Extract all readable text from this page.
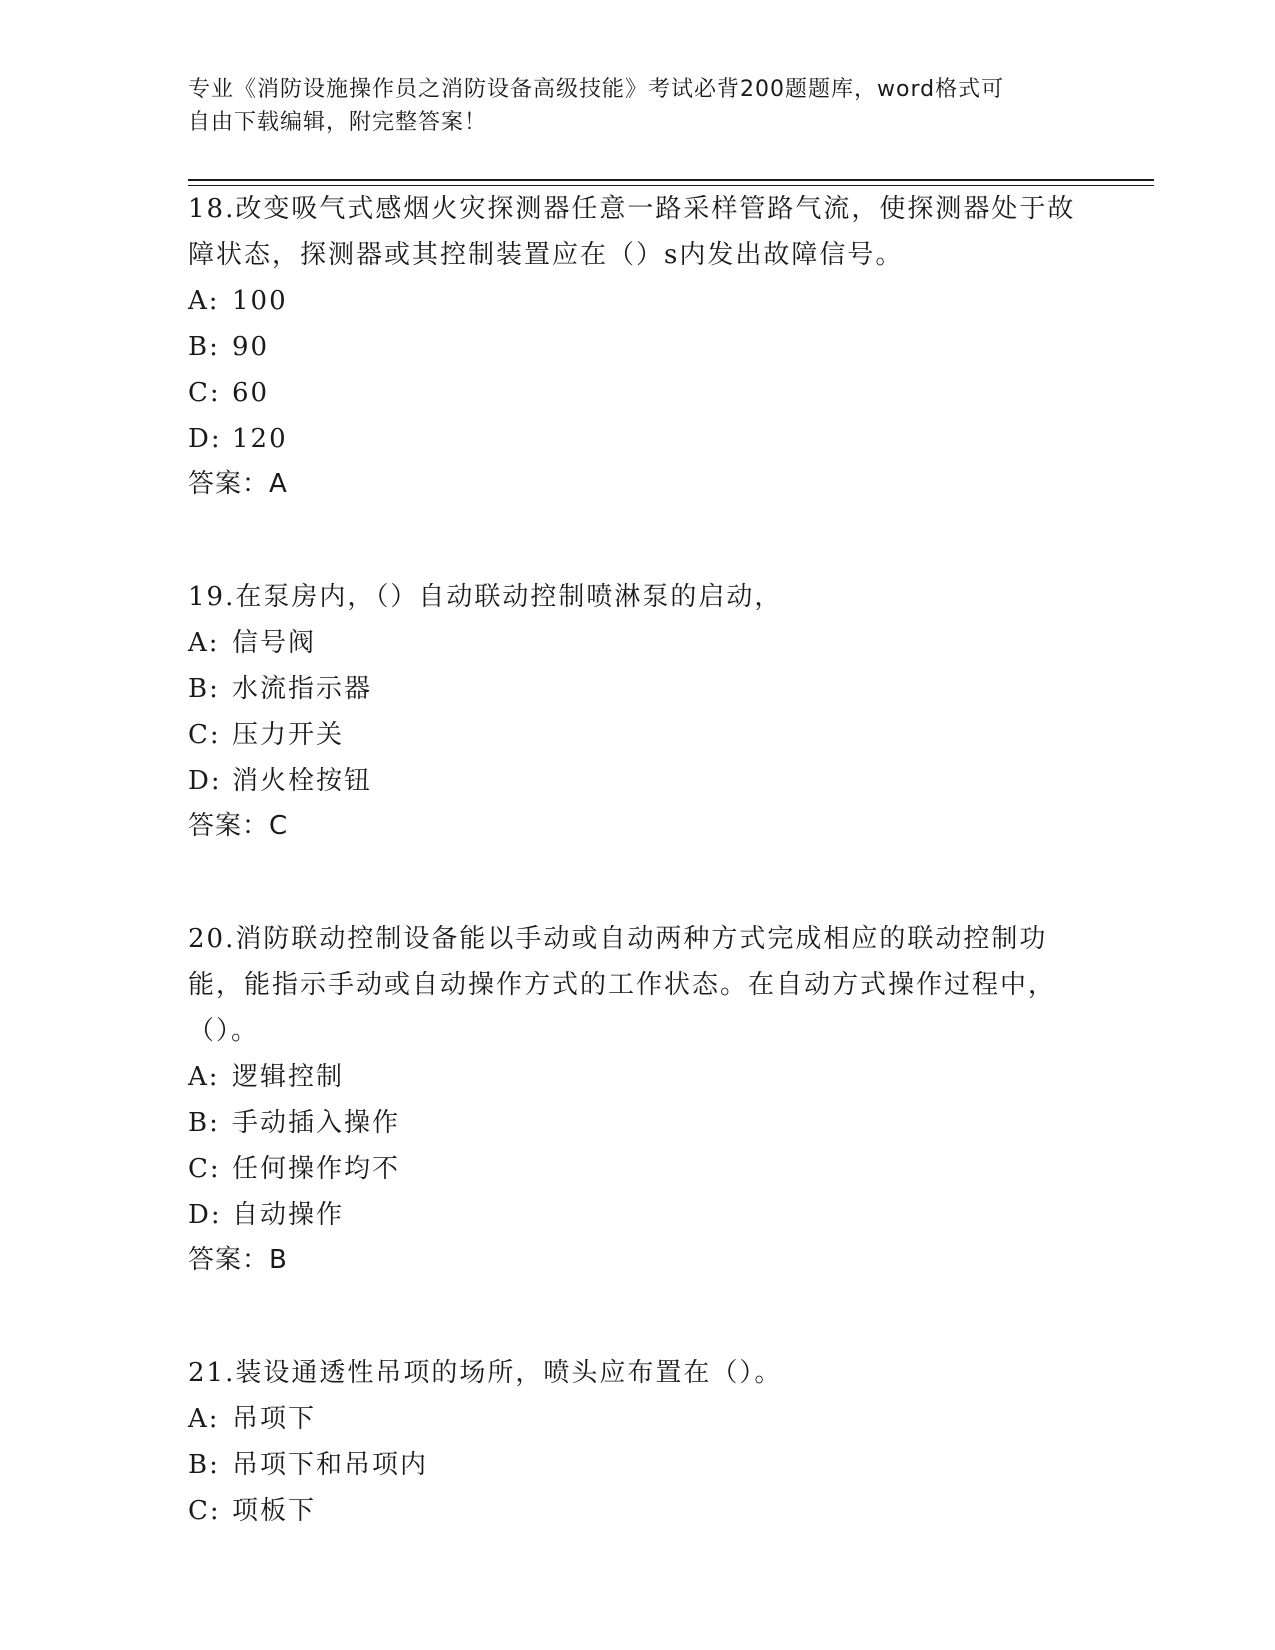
专业《消防设施操作员之消防设备高级技能》考试必背200题题库，word格式可
自由下载编辑，附完整答案！
18.改变吸气式感烟火灾探测器任意一路采样管路气流，使探测器处于故障状态，探测器或其控制装置应在（）s内发出故障信号。
A: 100
B: 90
C: 60
D: 120
答案：A
19.在泵房内，（）自动联动控制喷淋泵的启动，
A: 信号阀
B: 水流指示器
C: 压力开关
D: 消火栓按钮
答案：C
20.消防联动控制设备能以手动或自动两种方式完成相应的联动控制功能，能指示手动或自动操作方式的工作状态。在自动方式操作过程中，（）。
A: 逻辑控制
B: 手动插入操作
C: 任何操作均不
D: 自动操作
答案：B
21.装设通透性吊项的场所，喷头应布置在（）。
A: 吊项下
B: 吊项下和吊项内
C: 项板下
